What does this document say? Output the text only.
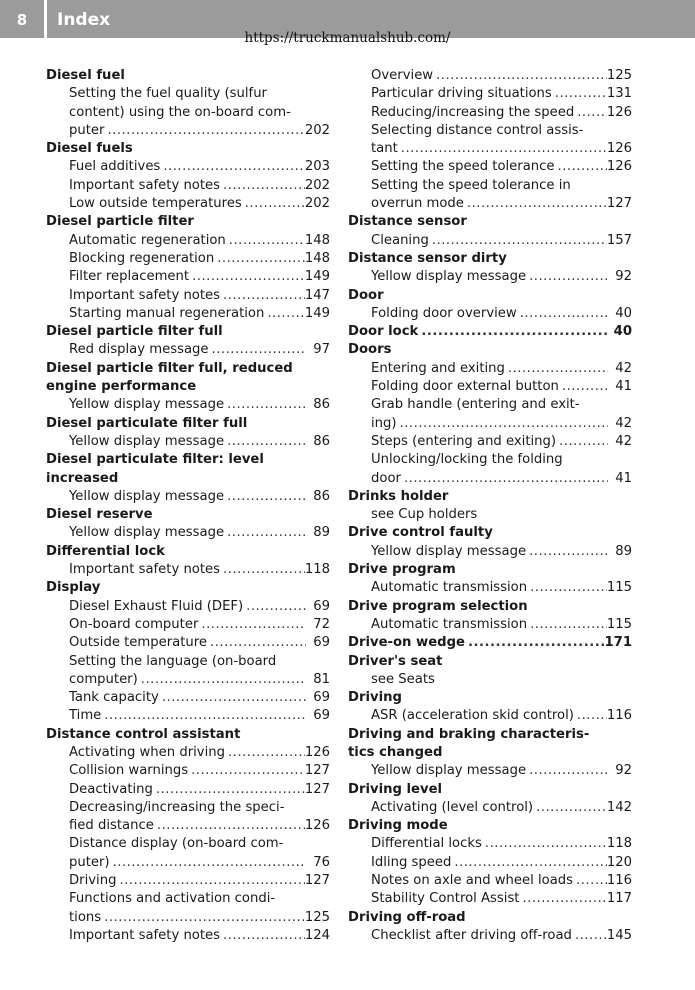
8	Index
https://truckmanualshub.com/
Diesel fuel
Setting the fuel quality (sulfur
content) using the on-board com-
puter .....	202
Diesel fuels
Fuel additives .....	203
Important safety notes .....	202
Low outside temperatures .....	202
Diesel particle filter
Automatic regeneration .....	148
Blocking regeneration .....	148
Filter replacement .....	149
Important safety notes .....	147
Starting manual regeneration .....	149
Diesel particle filter full
Red display message .....	97
Diesel particle filter full, reduced
engine performance
Yellow display message .....	86
Diesel particulate filter full
Yellow display message .....	86
Diesel particulate filter: level
increased
Yellow display message .....	86
Diesel reserve
Yellow display message .....	89
Differential lock
Important safety notes .....	118
Display
Diesel Exhaust Fluid (DEF) .....	69
On-board computer .....	72
Outside temperature .....	69
Setting the language (on-board
computer) .....	81
Tank capacity .....	69
Time .....	69
Distance control assistant
Activating when driving .....	126
Collision warnings .....	127
Deactivating .....	127
Decreasing/increasing the speci-
fied distance .....	126
Distance display (on-board com-
puter) .....	76
Driving .....	127
Functions and activation condi-
tions .....	125
Important safety notes .....	124
Overview .....	125
Particular driving situations .....	131
Reducing/increasing the speed ..... 126
Selecting distance control assis-
tant .....	126
Setting the speed tolerance .....	126
Setting the speed tolerance in
overrun mode .....	127
Distance sensor
Cleaning .....	157
Distance sensor dirty
Yellow display message .....	92
Door
Folding door overview .....	40
Door lock .....	40
Doors
Entering and exiting .....	42
Folding door external button .....	41
Grab handle (entering and exit-
ing) .....	42
Steps (entering and exiting) .....	42
Unlocking/locking the folding
door .....	41
Drinks holder
see Cup holders
Drive control faulty
Yellow display message .....	89
Drive program
Automatic transmission .....	115
Drive program selection
Automatic transmission .....	115
Drive-on wedge .....	171
Driver's seat
see Seats
Driving
ASR (acceleration skid control) ..... 116
Driving and braking characteris-
tics changed
Yellow display message .....	92
Driving level
Activating (level control) .....	142
Driving mode
Differential locks .....	118
Idling speed .....	120
Notes on axle and wheel loads .....	116
Stability Control Assist .....	117
Driving off-road
Checklist after driving off-road .....	145
